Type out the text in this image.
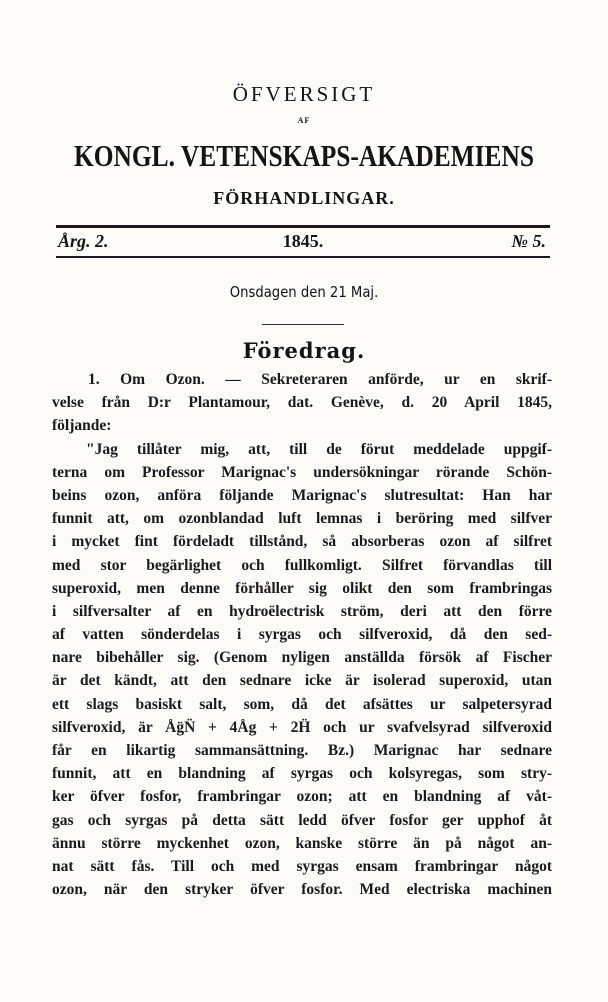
ÖFVERSIGT
AF
KONGL. VETENSKAPS-AKADEMIENS
FÖRHANDLINGAR.
Årg. 2.	1845.	№ 5.
Onsdagen den 21 Maj.
Föredrag.
1. Om Ozon. — Sekreteraren anförde, ur en skrif-
velse från D:r Plantamour, dat. Genève, d. 20 April 1845,
följande:
"Jag tillåter mig, att, till de förut meddelade uppgif-
terna om Professor Marignac's undersökningar rörande Schön-
beins ozon, anföra följande Marignac's slutresultat: Han har
funnit att, om ozonblandad luft lemnas i beröring med silfver
i mycket fint fördeladt tillstånd, så absorberas ozon af silfret
med stor begärlighet och fullkomligt. Silfret förvandlas till
superoxid, men denne förhåller sig olikt den som frambringas
i silfversalter af en hydroëlectrisk ström, deri att den förre
af vatten sönderdelas i syrgas och silfveroxid, då den sed-
nare bibehåller sig. (Genom nyligen anställda försök af Fischer
är det kändt, att den sednare icke är isolerad superoxid, utan
ett slags basiskt salt, som, då det afsättes ur salpetersyrad
silfveroxid, är Åg̈N̈ + 4Åg + 2Ḧ och ur svafvelsyrad silfveroxid
får en likartig sammansättning. Bz.) Marignac har sednare
funnit, att en blandning af syrgas och kolsyregas, som stry-
ker öfver fosfor, frambringar ozon; att en blandning af våt-
gas och syrgas på detta sätt ledd öfver fosfor ger upphof åt
ännu större myckenhet ozon, kanske större än på något an-
nat sätt fås. Till och med syrgas ensam frambringar något
ozon, när den stryker öfver fosfor. Med electriska machinen
